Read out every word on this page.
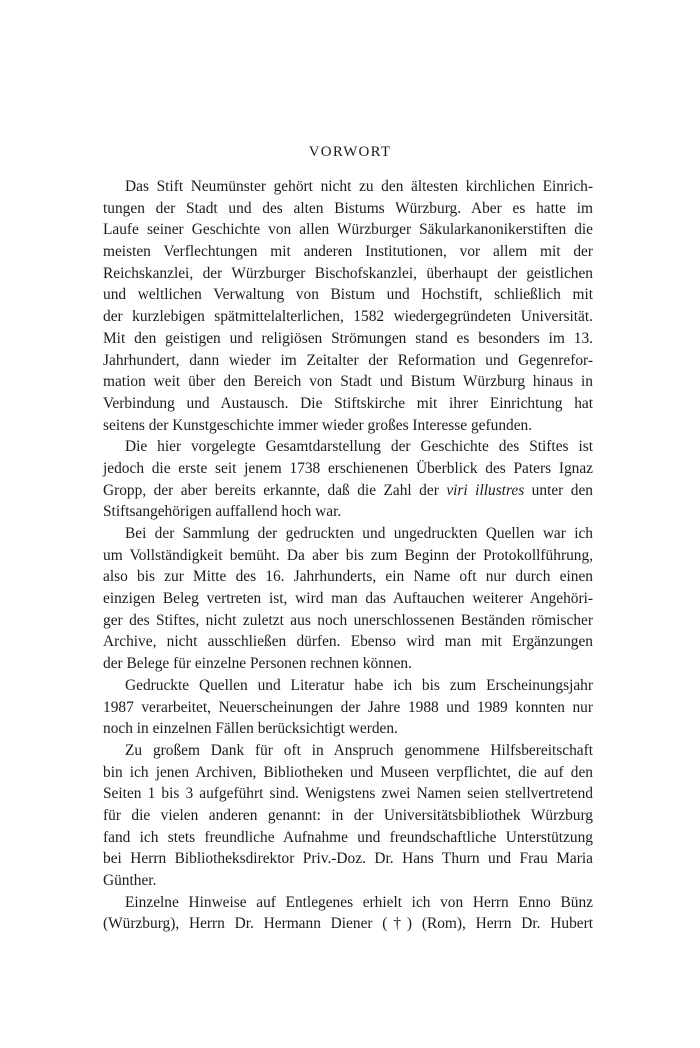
VORWORT
Das Stift Neumünster gehört nicht zu den ältesten kirchlichen Einrich-
tungen der Stadt und des alten Bistums Würzburg. Aber es hatte im
Laufe seiner Geschichte von allen Würzburger Säkularkanonikerstiften die
meisten Verflechtungen mit anderen Institutionen, vor allem mit der
Reichskanzlei, der Würzburger Bischofskanzlei, überhaupt der geistlichen
und weltlichen Verwaltung von Bistum und Hochstift, schließlich mit
der kurzlebigen spätmittelalterlichen, 1582 wiedergegründeten Universität.
Mit den geistigen und religiösen Strömungen stand es besonders im 13.
Jahrhundert, dann wieder im Zeitalter der Reformation und Gegenrefor-
mation weit über den Bereich von Stadt und Bistum Würzburg hinaus in
Verbindung und Austausch. Die Stiftskirche mit ihrer Einrichtung hat
seitens der Kunstgeschichte immer wieder großes Interesse gefunden.
Die hier vorgelegte Gesamtdarstellung der Geschichte des Stiftes ist
jedoch die erste seit jenem 1738 erschienenen Überblick des Paters Ignaz
Gropp, der aber bereits erkannte, daß die Zahl der viri illustres unter den
Stiftsangehörigen auffallend hoch war.
Bei der Sammlung der gedruckten und ungedruckten Quellen war ich
um Vollständigkeit bemüht. Da aber bis zum Beginn der Protokollführung,
also bis zur Mitte des 16. Jahrhunderts, ein Name oft nur durch einen
einzigen Beleg vertreten ist, wird man das Auftauchen weiterer Angehöri-
ger des Stiftes, nicht zuletzt aus noch unerschlossenen Beständen römischer
Archive, nicht ausschließen dürfen. Ebenso wird man mit Ergänzungen
der Belege für einzelne Personen rechnen können.
Gedruckte Quellen und Literatur habe ich bis zum Erscheinungsjahr
1987 verarbeitet, Neuerscheinungen der Jahre 1988 und 1989 konnten nur
noch in einzelnen Fällen berücksichtigt werden.
Zu großem Dank für oft in Anspruch genommene Hilfsbereitschaft
bin ich jenen Archiven, Bibliotheken und Museen verpflichtet, die auf den
Seiten 1 bis 3 aufgeführt sind. Wenigstens zwei Namen seien stellvertretend
für die vielen anderen genannt: in der Universitätsbibliothek Würzburg
fand ich stets freundliche Aufnahme und freundschaftliche Unterstützung
bei Herrn Bibliotheksdirektor Priv.-Doz. Dr. Hans Thurn und Frau Maria
Günther.
Einzelne Hinweise auf Entlegenes erhielt ich von Herrn Enno Bünz
(Würzburg), Herrn Dr. Hermann Diener (†) (Rom), Herrn Dr. Hubert
